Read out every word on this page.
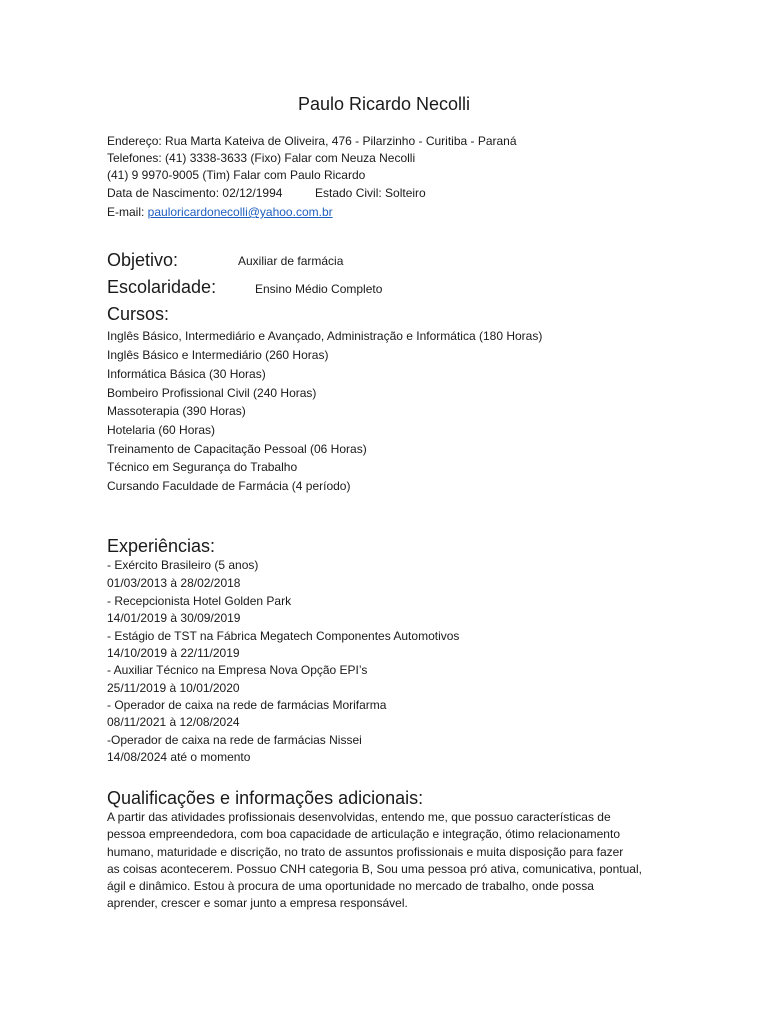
Paulo Ricardo Necolli
Endereço: Rua Marta Kateiva de Oliveira, 476 - Pilarzinho - Curitiba - Paraná
Telefones: (41) 3338-3633 (Fixo) Falar com Neuza Necolli
(41) 9 9970-9005 (Tim) Falar com Paulo Ricardo
Data de Nascimento: 02/12/1994	Estado Civil: Solteiro
E-mail: pauloricardonecolli@yahoo.com.br
Objetivo:	Auxiliar de farmácia
Escolaridade:	Ensino Médio Completo
Cursos:
Inglês Básico, Intermediário e Avançado, Administração e Informática (180 Horas)
Inglês Básico e Intermediário (260 Horas)
Informática Básica (30 Horas)
Bombeiro Profissional Civil (240 Horas)
Massoterapia (390 Horas)
Hotelaria (60 Horas)
Treinamento de Capacitação Pessoal (06 Horas)
Técnico em Segurança do Trabalho
Cursando Faculdade de Farmácia (4 período)
Experiências:
- Exército Brasileiro (5 anos)
01/03/2013 à 28/02/2018
- Recepcionista Hotel Golden Park
14/01/2019 à 30/09/2019
- Estágio de TST na Fábrica Megatech Componentes Automotivos
14/10/2019 à 22/11/2019
- Auxiliar Técnico na Empresa Nova Opção EPI’s
25/11/2019 à 10/01/2020
- Operador de caixa na rede de farmácias Morifarma
08/11/2021 à 12/08/2024
-Operador de caixa na rede de farmácias Nissei
14/08/2024 até o momento
Qualificações e informações adicionais:
A partir das atividades profissionais desenvolvidas, entendo me, que possuo características de
pessoa empreendedora, com boa capacidade de articulação e integração, ótimo relacionamento
humano, maturidade e discrição, no trato de assuntos profissionais e muita disposição para fazer
as coisas acontecerem. Possuo CNH categoria B, Sou uma pessoa pró ativa, comunicativa, pontual,
ágil e dinâmico. Estou à procura de uma oportunidade no mercado de trabalho, onde possa
aprender, crescer e somar junto a empresa responsável.
